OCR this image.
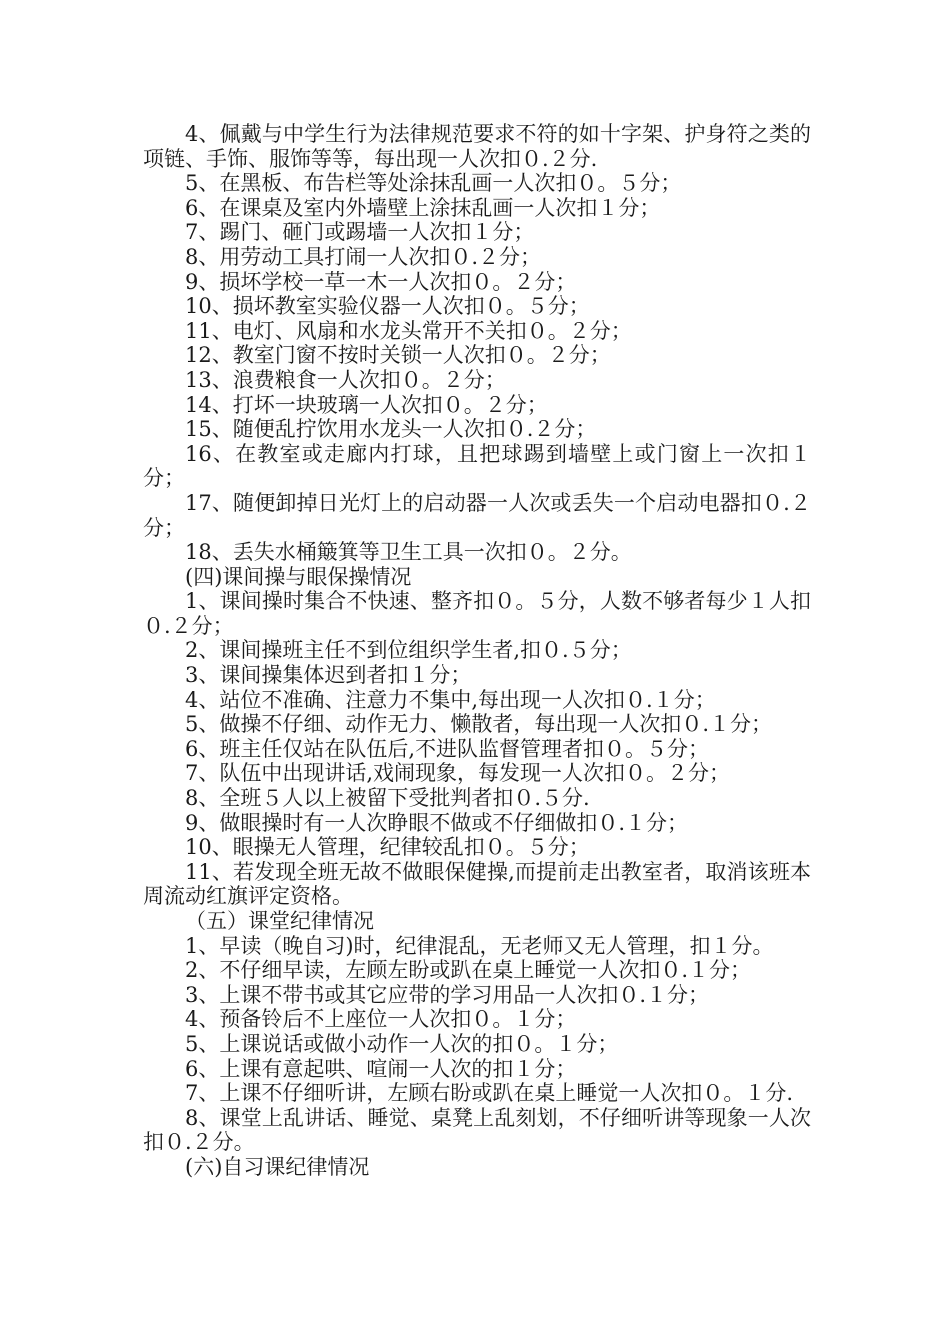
4、佩戴与中学生行为法律规范要求不符的如十字架、护身符之类的项链、手饰、服饰等等，每出现一人次扣０.２分.

5、在黑板、布告栏等处涂抹乱画一人次扣０。５分；

6、在课桌及室内外墙壁上涂抹乱画一人次扣１分；

7、踢门、砸门或踢墙一人次扣１分；

8、用劳动工具打闹一人次扣０.２分；

9、损坏学校一草一木一人次扣０。２分；

10、损坏教室实验仪器一人次扣０。５分；

11、电灯、风扇和水龙头常开不关扣０。２分；

12、教室门窗不按时关锁一人次扣０。２分；

13、浪费粮食一人次扣０。２分；

14、打坏一块玻璃一人次扣０。２分；

15、随便乱拧饮用水龙头一人次扣０.２分；

16、在教室或走廊内打球，且把球踢到墙壁上或门窗上一次扣１分；

17、随便卸掉日光灯上的启动器一人次或丢失一个启动电器扣０.２分；

18、丢失水桶簸箕等卫生工具一次扣０。２分。

(四)课间操与眼保操情况

1、课间操时集合不快速、整齐扣０。５分，人数不够者每少１人扣０.２分；

2、课间操班主任不到位组织学生者,扣０.５分；

3、课间操集体迟到者扣１分；

4、站位不准确、注意力不集中,每出现一人次扣０.１分；

5、做操不仔细、动作无力、懒散者，每出现一人次扣０.１分；

6、班主任仅站在队伍后,不进队监督管理者扣０。５分；

7、队伍中出现讲话,戏闹现象，每发现一人次扣０。２分；

8、全班５人以上被留下受批判者扣０.５分.

9、做眼操时有一人次睁眼不做或不仔细做扣０.１分；

10、眼操无人管理，纪律较乱扣０。５分；

11、若发现全班无故不做眼保健操,而提前走出教室者，取消该班本周流动红旗评定资格。

（五）课堂纪律情况

1、早读（晚自习)时，纪律混乱，无老师又无人管理，扣１分。

2、不仔细早读，左顾左盼或趴在桌上睡觉一人次扣０.１分；

3、上课不带书或其它应带的学习用品一人次扣０.１分；

4、预备铃后不上座位一人次扣０。１分；

5、上课说话或做小动作一人次的扣０。１分；

6、上课有意起哄、喧闹一人次的扣１分；

7、上课不仔细听讲，左顾右盼或趴在桌上睡觉一人次扣０。１分.

8、课堂上乱讲话、睡觉、桌凳上乱刻划，不仔细听讲等现象一人次扣０.２分。

(六)自习课纪律情况
